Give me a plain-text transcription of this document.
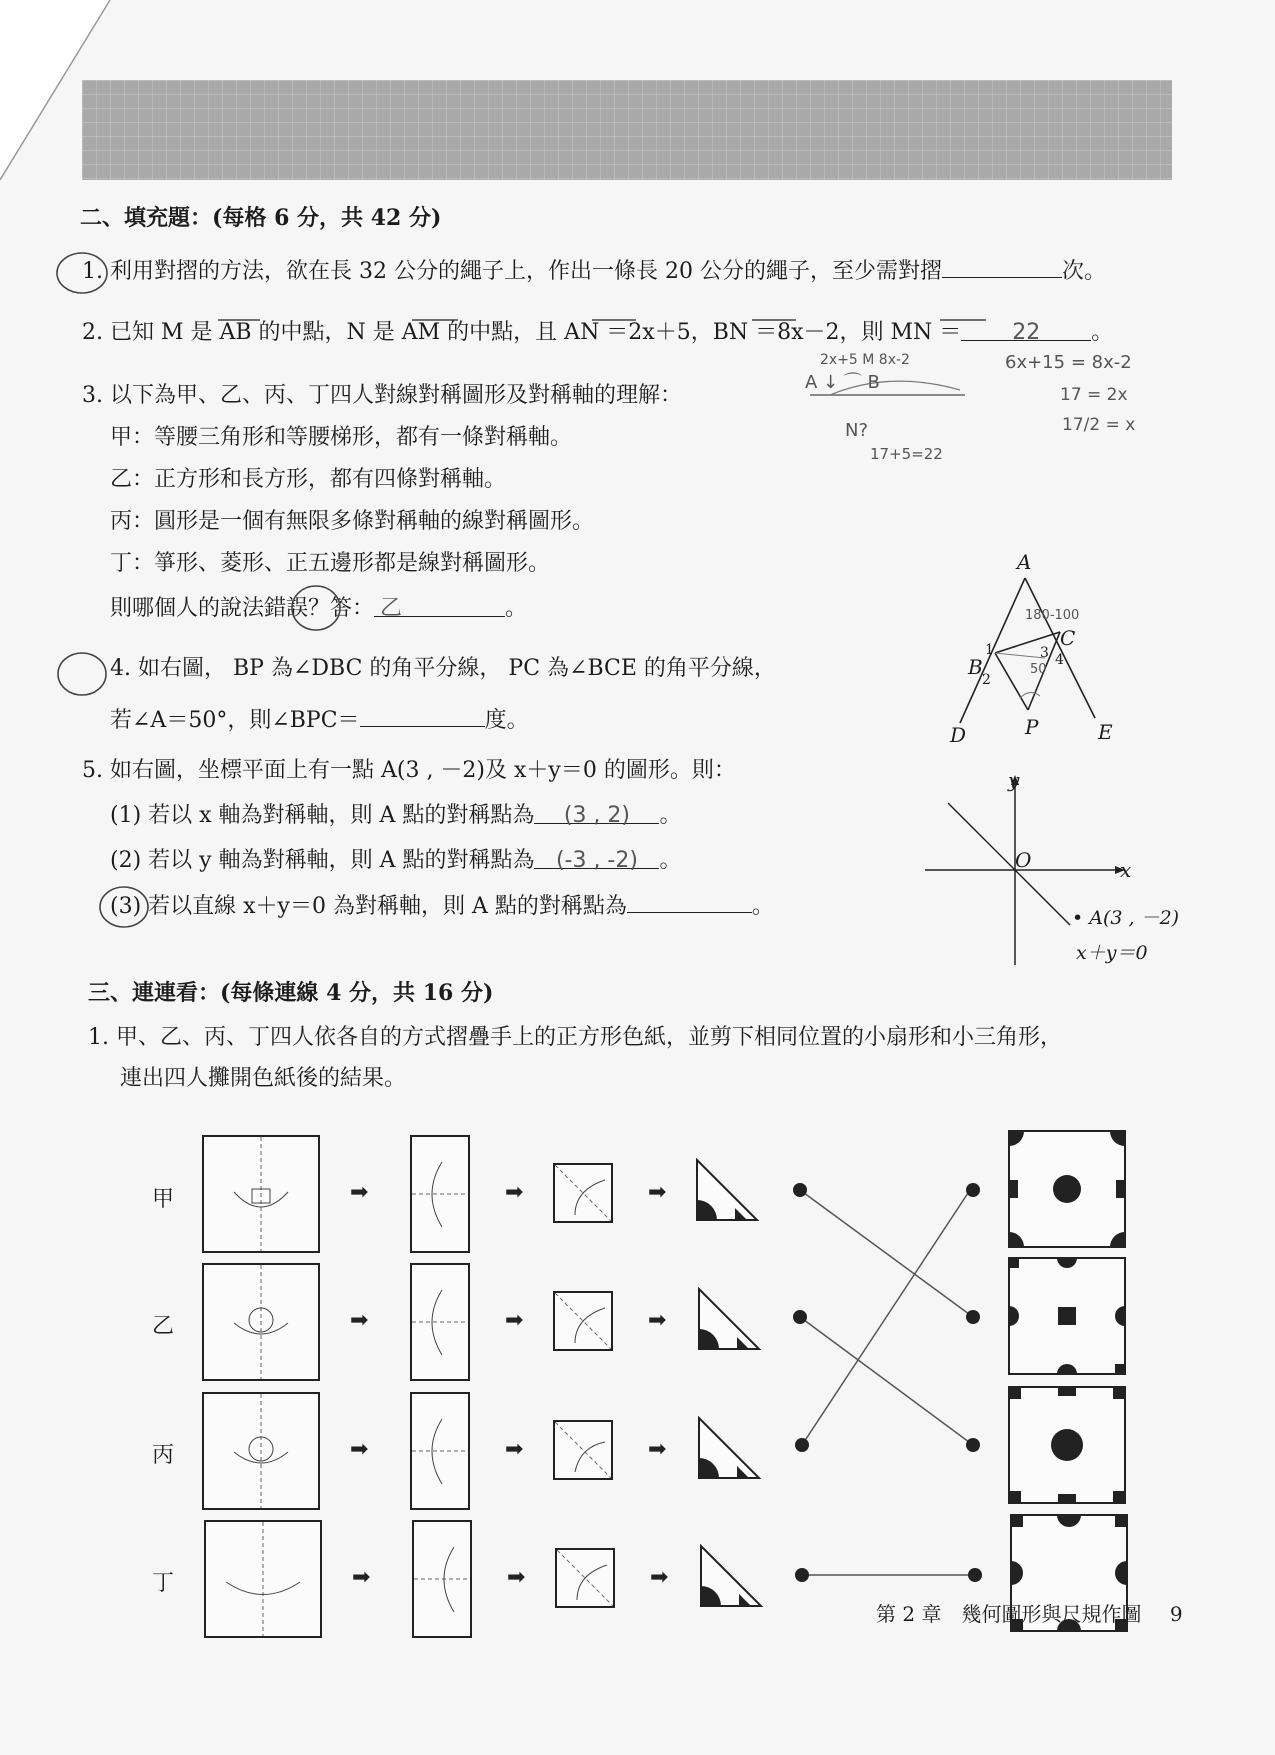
二、填充題：(每格 6 分，共 42 分)
1. 利用對摺的方法，欲在長 32 公分的繩子上，作出一條長 20 公分的繩子，至少需對摺	次。
2. 已知 M 是 AB 的中點，N 是 AM 的中點，且 AN ＝2x＋5，BN ＝8x－2，則 MN ＝ 22 。
2x+5 M 8x-2
A ↓ ⌒ B
N?
17+5=22
6x+15 = 8x-2
17 = 2x
17/2 = x
3. 以下為甲、乙、丙、丁四人對線對稱圖形及對稱軸的理解：
甲：等腰三角形和等腰梯形，都有一條對稱軸。
乙：正方形和長方形，都有四條對稱軸。
丙：圓形是一個有無限多條對稱軸的線對稱圖形。
丁：箏形、菱形、正五邊形都是線對稱圖形。
則哪個人的說法錯誤？答： 乙	。
4. 如右圖， BP 為∠DBC 的角平分線， PC 為∠BCE 的角平分線，
若∠A＝50°，則∠BPC＝	度。
A
B
C
D	E
P
1
2
3 4
180-100
50
5. 如右圖，坐標平面上有一點 A(3 , －2)及 x＋y＝0 的圖形。則：
(1) 若以 x 軸為對稱軸，則 A 點的對稱點為 (3 , 2) 。
(2) 若以 y 軸為對稱軸，則 A 點的對稱點為 (-3 , -2) 。
(3) 若以直線 x＋y＝0 為對稱軸，則 A 點的對稱點為	。
y
x
O
• A(3 , －2)
x＋y＝0
三、連連看：(每條連線 4 分，共 16 分)
1. 甲、乙、丙、丁四人依各自的方式摺疊手上的正方形色紙，並剪下相同位置的小扇形和小三角形，
連出四人攤開色紙後的結果。
甲
乙
丙
丁
➡
➡
➡
➡
➡
➡
➡
➡
➡
➡
➡
➡
第 2 章　幾何圖形與尺規作圖 9
